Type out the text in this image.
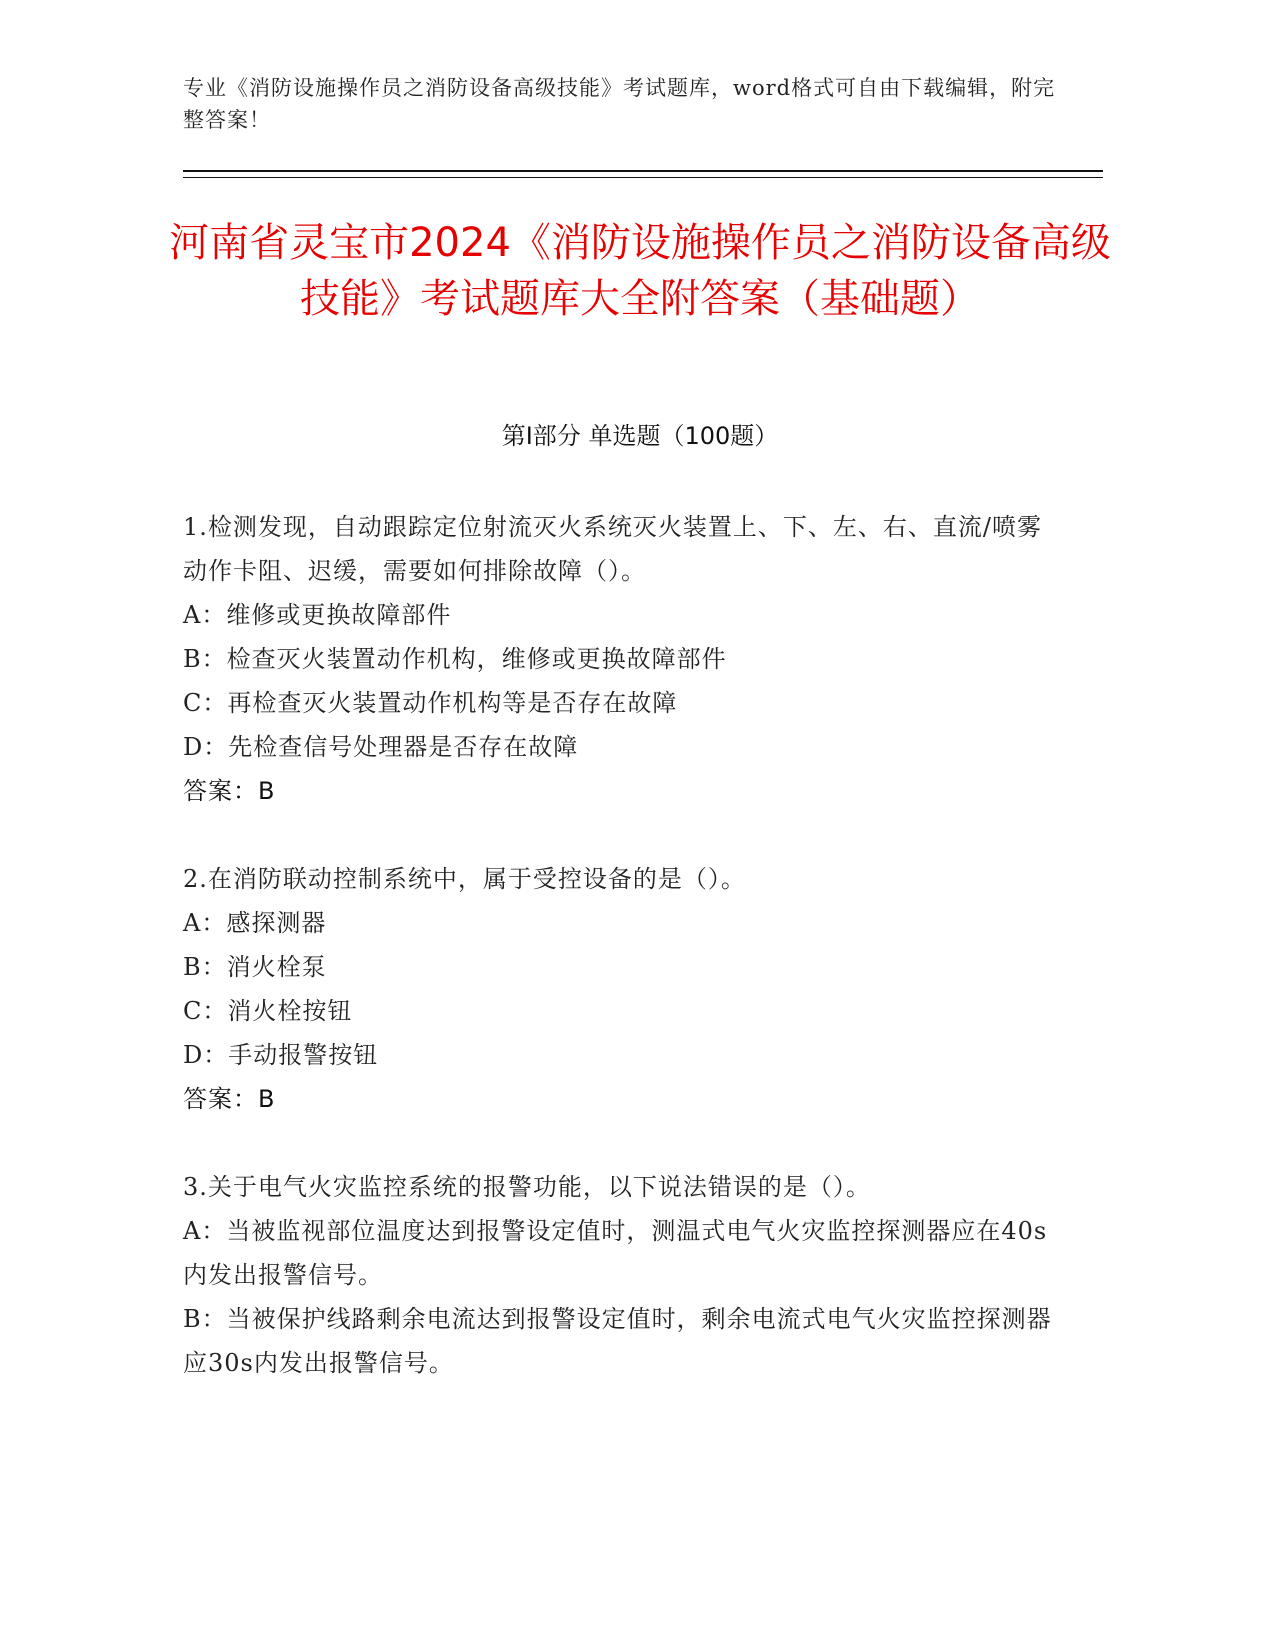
专业《消防设施操作员之消防设备高级技能》考试题库，word格式可自由下载编辑，附完整答案！
河南省灵宝市2024《消防设施操作员之消防设备高级技能》考试题库大全附答案（基础题）
第I部分 单选题（100题）

1.检测发现，自动跟踪定位射流灭火系统灭火装置上、下、左、右、直流/喷雾动作卡阻、迟缓，需要如何排除故障（）。

A：维修或更换故障部件

B：检查灭火装置动作机构，维修或更换故障部件

C：再检查灭火装置动作机构等是否存在故障

D：先检查信号处理器是否存在故障

答案：B

2.在消防联动控制系统中，属于受控设备的是（）。

A：感探测器

B：消火栓泵

C：消火栓按钮

D：手动报警按钮

答案：B

3.关于电气火灾监控系统的报警功能，以下说法错误的是（）。

A：当被监视部位温度达到报警设定值时，测温式电气火灾监控探测器应在40s内发出报警信号。

B：当被保护线路剩余电流达到报警设定值时，剩余电流式电气火灾监控探测器应30s内发出报警信号。
